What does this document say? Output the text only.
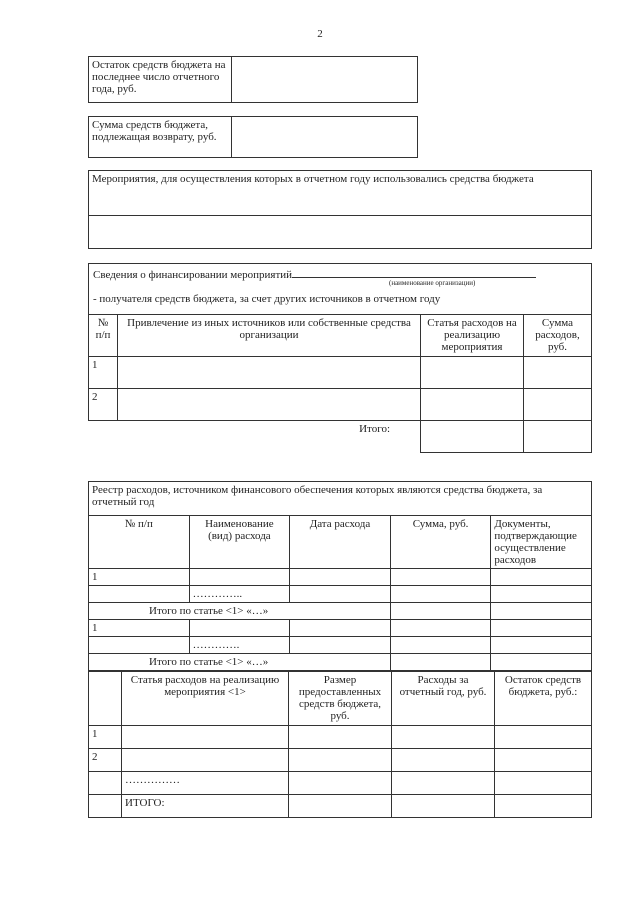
2
Остаток средств бюджета на последнее число отчетного года, руб.	
Сумма средств бюджета, подлежащая возврату, руб.	
Мероприятия, для осуществления которых в отчетном году использовались средства бюджета

Сведения о финансировании мероприятий
(наименование организации)
- получателя средств бюджета, за счет других источников в отчетном году
№ п/п	Привлечение из иных источников или собственные средства организации	Статья расходов на реализацию мероприятия	Сумма расходов, руб.
1			
2			
	Итого:		
Реестр расходов, источником финансового обеспечения которых являются средства бюджета, за отчетный год				
№ п/п	Наименование (вид) расхода	Дата расхода	Сумма, руб.	Документы, подтверждающие осуществление расходов
1				
	…………..			
Итого по статье <1> «…»				
1				
	………….			
Итого по статье <1> «…»				
	Статья расходов на реализацию мероприятия <1>	Размер предоставленных средств бюджета, руб.	Расходы за отчетный год, руб.	Остаток средств бюджета, руб.:
1				
2				
	……………			
	ИТОГО:			
